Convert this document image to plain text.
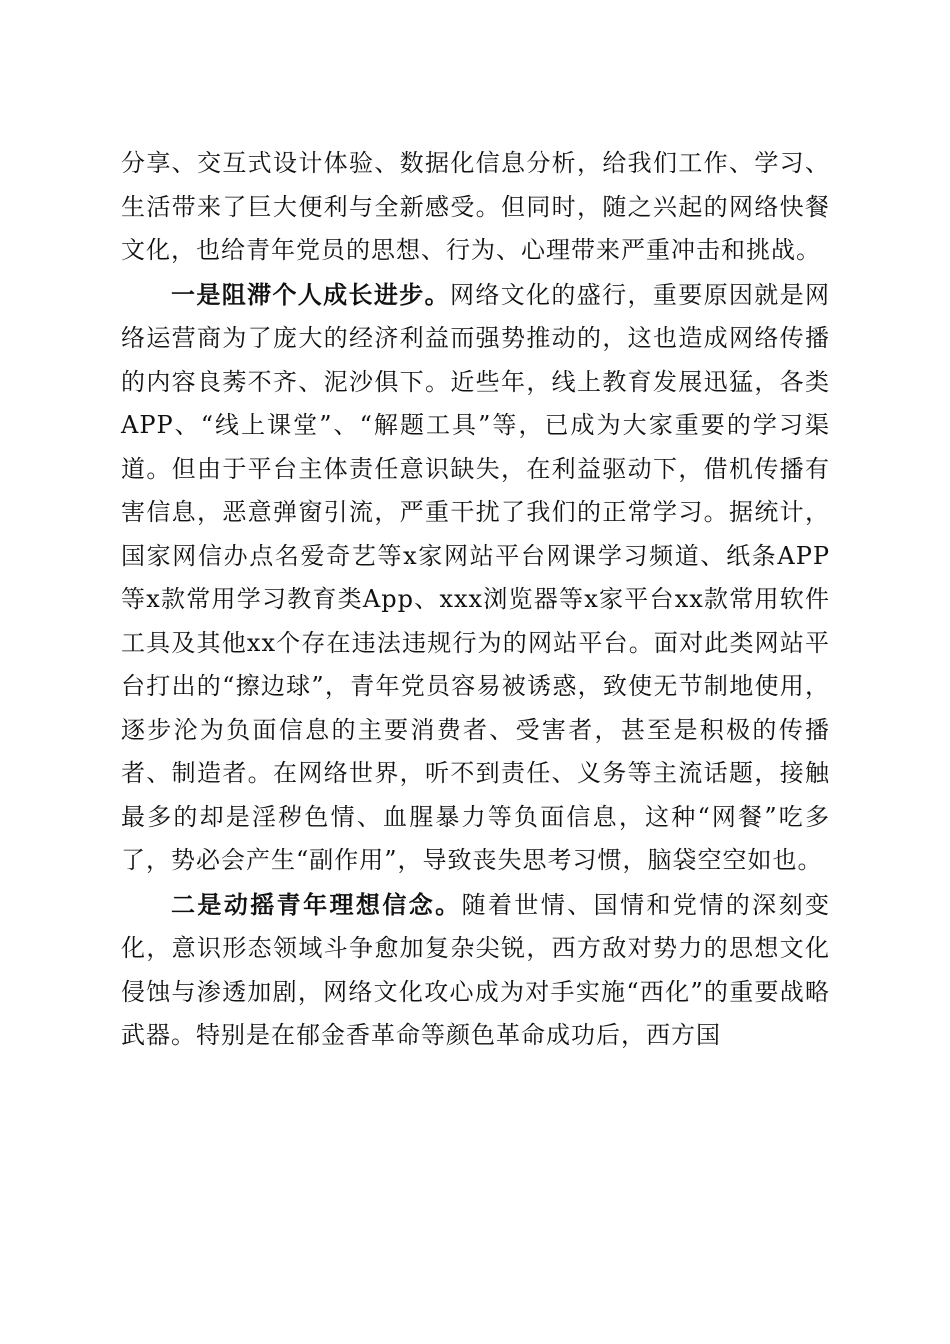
分享、交互式设计体验、数据化信息分析，给我们工作、学习、生活带来了巨大便利与全新感受。但同时，随之兴起的网络快餐文化，也给青年党员的思想、行为、心理带来严重冲击和挑战。

一是阻滞个人成长进步。网络文化的盛行，重要原因就是网络运营商为了庞大的经济利益而强势推动的，这也造成网络传播的内容良莠不齐、泥沙俱下。近些年，线上教育发展迅猛，各类APP、“线上课堂”、“解题工具”等，已成为大家重要的学习渠道。但由于平台主体责任意识缺失，在利益驱动下，借机传播有害信息，恶意弹窗引流，严重干扰了我们的正常学习。据统计，国家网信办点名爱奇艺等x家网站平台网课学习频道、纸条APP等x款常用学习教育类App、xxx浏览器等x家平台xx款常用软件工具及其他xx个存在违法违规行为的网站平台。面对此类网站平台打出的“擦边球”，青年党员容易被诱惑，致使无节制地使用，逐步沦为负面信息的主要消费者、受害者，甚至是积极的传播者、制造者。在网络世界，听不到责任、义务等主流话题，接触最多的却是淫秽色情、血腥暴力等负面信息，这种“网餐”吃多了，势必会产生“副作用”，导致丧失思考习惯，脑袋空空如也。

二是动摇青年理想信念。随着世情、国情和党情的深刻变化，意识形态领域斗争愈加复杂尖锐，西方敌对势力的思想文化侵蚀与渗透加剧，网络文化攻心成为对手实施“西化”的重要战略武器。特别是在郁金香革命等颜色革命成功后，西方国
